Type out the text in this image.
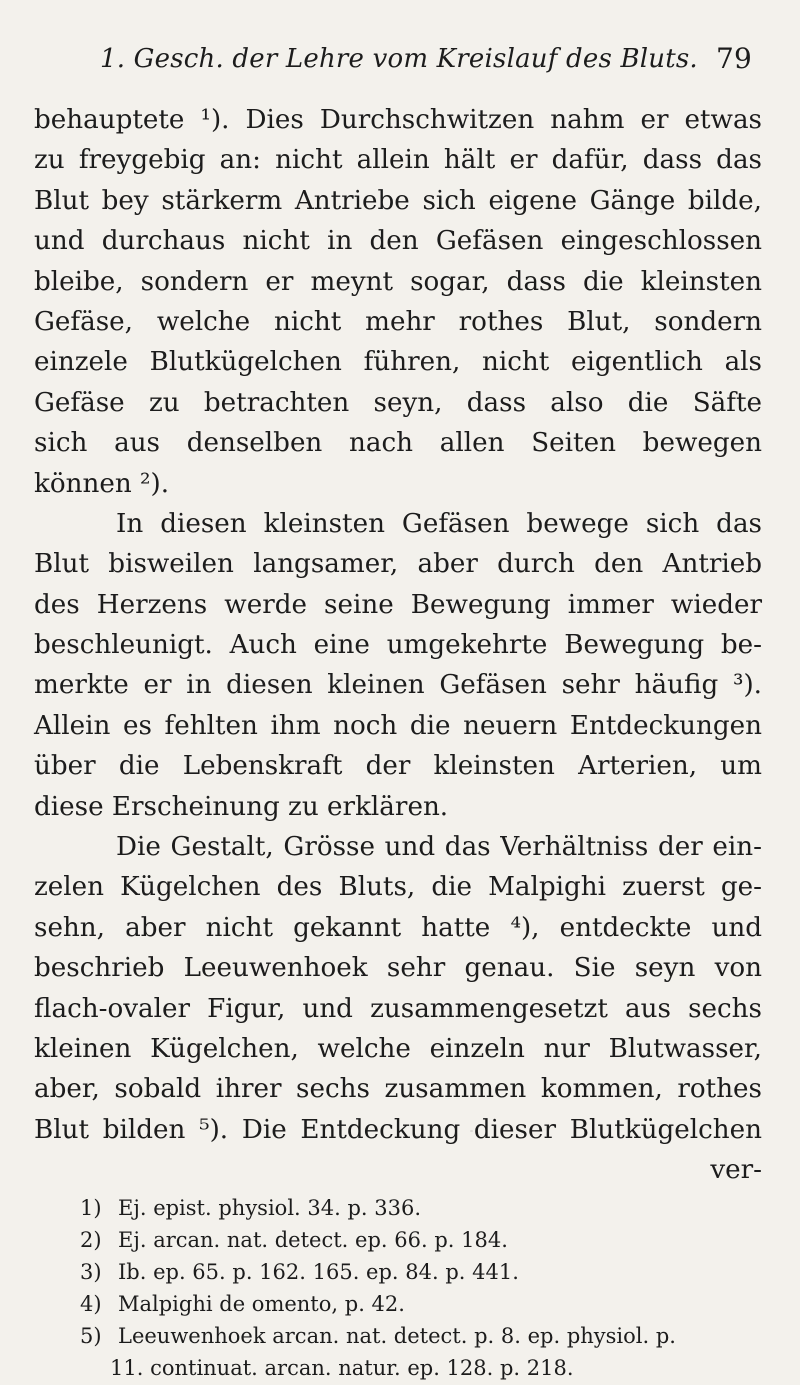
1. Gesch. der Lehre vom Kreislauf des Bluts. 79
behauptete ¹). Dies Durchschwitzen nahm er etwas
zu freygebig an: nicht allein hält er dafür, dass das
Blut bey stärkerm Antriebe sich eigene Gänge bilde,
und durchaus nicht in den Gefäsen eingeschlossen
bleibe, sondern er meynt sogar, dass die kleinsten
Gefäse, welche nicht mehr rothes Blut, sondern
einzele Blutkügelchen führen, nicht eigentlich als
Gefäse zu betrachten seyn, dass also die Säfte
sich aus denselben nach allen Seiten bewegen
können ²).
In diesen kleinsten Gefäsen bewege sich das
Blut bisweilen langsamer, aber durch den Antrieb
des Herzens werde seine Bewegung immer wieder
beschleunigt. Auch eine umgekehrte Bewegung be-
merkte er in diesen kleinen Gefäsen sehr häufig ³).
Allein es fehlten ihm noch die neuern Entdeckungen
über die Lebenskraft der kleinsten Arterien, um
diese Erscheinung zu erklären.
Die Gestalt, Grösse und das Verhältniss der ein-
zelen Kügelchen des Bluts, die Malpighi zuerst ge-
sehn, aber nicht gekannt hatte ⁴), entdeckte und
beschrieb Leeuwenhoek sehr genau. Sie seyn von
flach-ovaler Figur, und zusammengesetzt aus sechs
kleinen Kügelchen, welche einzeln nur Blutwasser,
aber, sobald ihrer sechs zusammen kommen, rothes
Blut bilden ⁵). Die Entdeckung dieser Blutkügelchen
ver-
1) Ej. epist. physiol. 34. p. 336.
2) Ej. arcan. nat. detect. ep. 66. p. 184.
3) Ib. ep. 65. p. 162. 165. ep. 84. p. 441.
4) Malpighi de omento, p. 42.
5) Leeuwenhoek arcan. nat. detect. p. 8. ep. physiol. p.
11. continuat. arcan. natur. ep. 128. p. 218.
